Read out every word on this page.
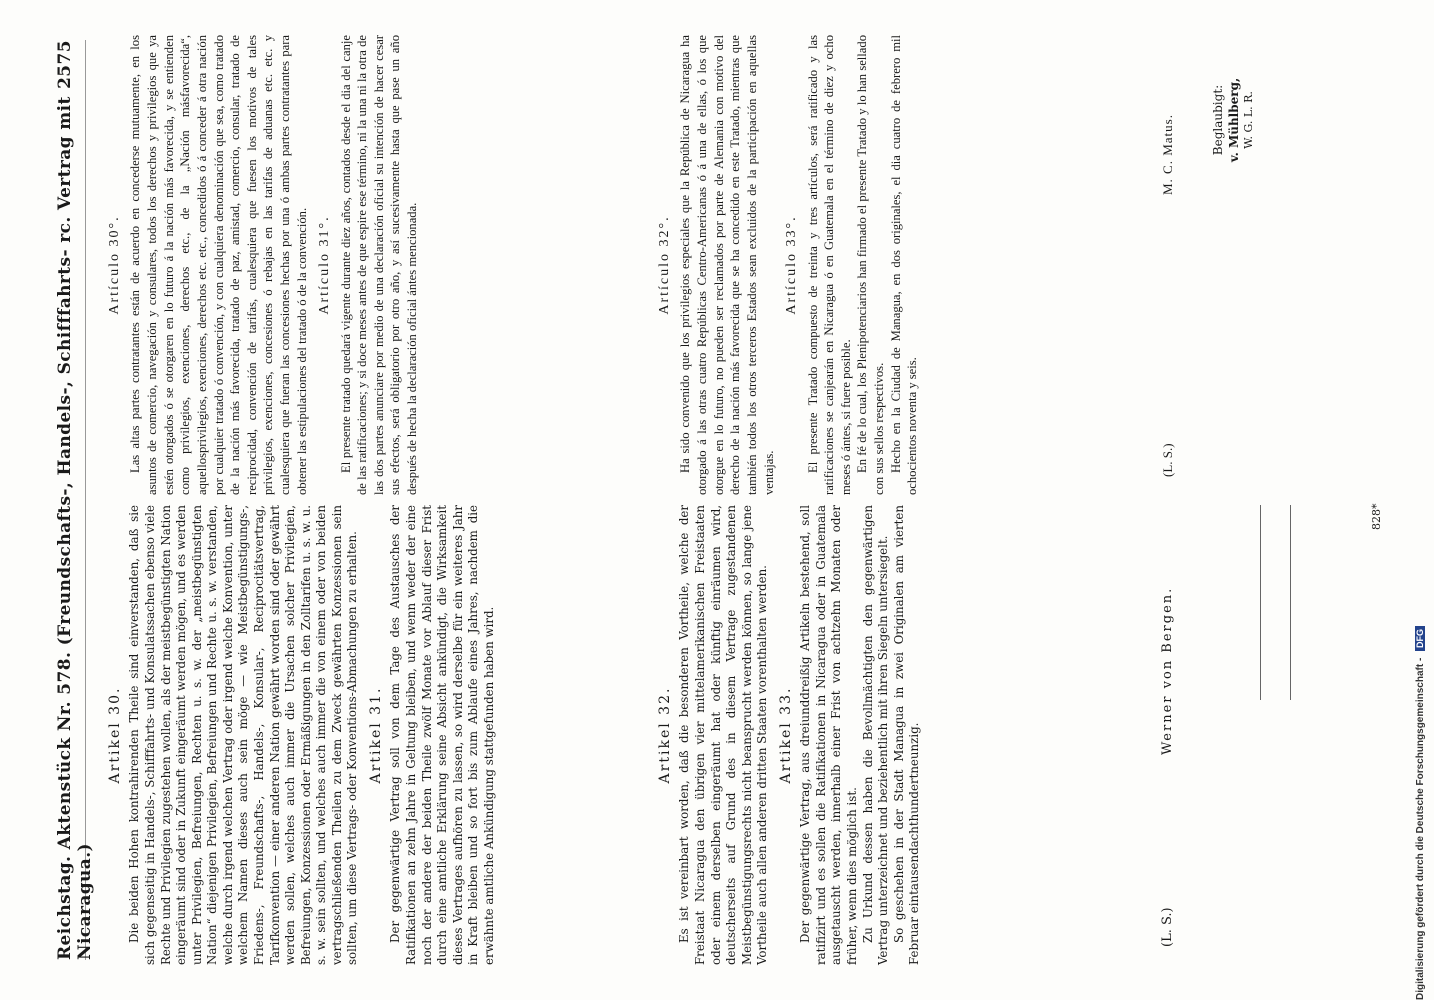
Reichstag. Aktenstück Nr. 578. (Freundschafts-, Handels-, Schifffahrts- rc. Vertrag mit Nicaragua.)
2575
Artikel 30. Die beiden Hohen kontrahirenden Theile sind einverstanden, daß sie sich gegenseitig in Handels-, Schifffahrts- und Konsulatssachen ebenso viele Rechte und Privilegien zugestehen wollen, als der meistbegünstigten Nation eingeräumt sind oder in Zukunft eingeräumt werden mögen, und es werden unter Privilegien, Befreiungen, Rechten u. s. w. der „meistbegünstigten Nation“ diejenigen Privilegien, Befreiungen und Rechte u. s. w. verstanden, welche durch irgend welchen Vertrag oder irgend welche Konvention, unter welchem Namen dieses auch sein möge — wie Meistbegünstigungs-, Friedens-, Freundschafts-, Handels-, Konsular-, Reciprocitätsvertrag, Tarifkonvention — einer anderen Nation gewährt worden sind oder gewährt werden sollen, welches auch immer die Ursachen solcher Privilegien, Befreiungen, Konzessionen oder Ermäßigungen in den Zolltarifen u. s. w. u. s. w. sein sollten, und welches auch immer die von einem oder von beiden vertragschließenden Theilen zu dem Zweck gewährten Konzessionen sein sollten, um diese Vertrags- oder Konventions-Abmachungen zu erhalten. Artikel 31. Der gegenwärtige Vertrag soll von dem Tage des Austausches der Ratifikationen an zehn Jahre in Geltung bleiben, und wenn weder der eine noch der andere der beiden Theile zwölf Monate vor Ablauf dieser Frist durch eine amtliche Erklärung seine Absicht ankündigt, die Wirksamkeit dieses Vertrages aufhören zu lassen, so wird derselbe für ein weiteres Jahr in Kraft bleiben und so fort bis zum Ablaufe eines Jahres, nachdem die erwähnte amtliche Ankündigung stattgefunden haben wird.

Artículo 30°. Las altas partes contratantes están de acuerdo en concederse mutuamente, en los asuntos de comercio, navegación y consulares, todos los derechos y privilegios que ya estén otorgados ó se otorgaren en lo futuro á la nación más favorecida, y se entienden como privilegios, exenciones, derechos etc., de la „Nación másfavorecida“, aquellosprivilegios, exenciones, derechos etc. etc., concedidos ó á conceder á otra nación por cualquier tratado ó convención, y con cualquiera denominación que sea, como tratado de la nación más favorecida, tratado de paz, amistad, comercio, consular, tratado de reciprocidad, convención de tarifas, cualesquiera que fuesen los motivos de tales privilegios, exenciones, concesiones ó rebajas en las tarifas de aduanas etc. etc. y cualesquiera que fueran las concesiones hechas por una ó ambas partes contratantes para obtener las estipulaciones del tratado ó de la convención. Artículo 31°. El presente tratado quedará vigente durante diez años, contados desde el dia del canje de las ratificaciones; y si doce meses antes de que espire ese término, ni la una ni la otra de las dos partes anunciare por medio de una declaración oficial su intención de hacer cesar sus efectos, será obligatorio por otro año, y así sucesivamente hasta que pase un año después de hecha la declaración oficial ántes mencionada.

Artikel 32. Es ist vereinbart worden, daß die besonderen Vortheile, welche der Freistaat Nicaragua den übrigen vier mittelamerikanischen Freistaaten oder einem derselben eingeräumt hat oder künftig einräumen wird, deutscherseits auf Grund des in diesem Vertrage zugestandenen Meistbegünstigungsrechts nicht beansprucht werden können, so lange jene Vortheile auch allen anderen dritten Staaten vorenthalten werden. Artikel 33. Der gegenwärtige Vertrag, aus dreiunddreißig Artikeln bestehend, soll ratifizirt und es sollen die Ratifikationen in Nicaragua oder in Guatemala ausgetauscht werden, innerhalb einer Frist von achtzehn Monaten oder früher, wenn dies möglich ist. Zu Urkund dessen haben die Bevollmächtigten den gegenwärtigen Vertrag unterzeichnet und beziehentlich mit ihren Siegeln untersiegelt. So geschehen in der Stadt Managua in zwei Originalen am vierten Februar eintausendachthundertneunzig.

Artículo 32°. Ha sido convenido que los privilegios especiales que la República de Nicaragua ha otorgado á las otras cuatro Repúblicas Centro-Americanas ó á una de ellas, ó los que otorgue en lo futuro, no pueden ser reclamados por parte de Alemania con motivo del derecho de la nación más favorecida que se ha concedido en este Tratado, mientras que también todos los otros terceros Estados sean excluidos de la participación en aquellas ventajas.

Artículo 33°. El presente Tratado compuesto de treinta y tres artículos, será ratificado y las ratificaciones se canjearán en Nicaragua ó en Guatemala en el término de diez y ocho meses ó ántes, si fuere posible. En fé de lo cual, los Plenipotenciarios han firmado el presente Tratado y lo han sellado con sus sellos respectivos. Hecho en la Ciudad de Managua, en dos originales, el dia cuatro de febrero mil ochocientos noventa y seis.

(L. S.)
Werner von Bergen.
(L. S.)
M. C. Matus.	Beglaubigt: v. Mühlberg, W. G. L. R.
828*
Digitalisierung gefördert durch die Deutsche Forschungsgemeinschaft - DFG
